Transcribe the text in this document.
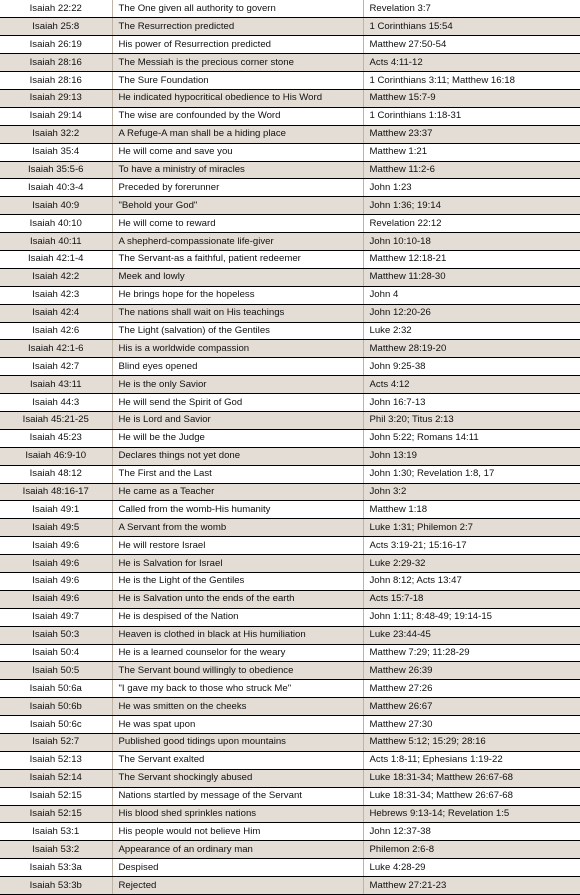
Isaiah 22:22	The One given all authority to govern	Revelation 3:7
Isaiah 25:8	The Resurrection predicted	1 Corinthians 15:54
Isaiah 26:19	His power of Resurrection predicted	Matthew 27:50-54
Isaiah 28:16	The Messiah is the precious corner stone	Acts 4:11-12
Isaiah 28:16	The Sure Foundation	1 Corinthians 3:11; Matthew 16:18
Isaiah 29:13	He indicated hypocritical obedience to His Word	Matthew 15:7-9
Isaiah 29:14	The wise are confounded by the Word	1 Corinthians 1:18-31
Isaiah 32:2	A Refuge-A man shall be a hiding place	Matthew 23:37
Isaiah 35:4	He will come and save you	Matthew 1:21
Isaiah 35:5-6	To have a ministry of miracles	Matthew 11:2-6
Isaiah 40:3-4	Preceded by forerunner	John 1:23
Isaiah 40:9	"Behold your God"	John 1:36; 19:14
Isaiah 40:10	He will come to reward	Revelation 22:12
Isaiah 40:11	A shepherd-compassionate life-giver	John 10:10-18
Isaiah 42:1-4	The Servant-as a faithful, patient redeemer	Matthew 12:18-21
Isaiah 42:2	Meek and lowly	Matthew 11:28-30
Isaiah 42:3	He brings hope for the hopeless	John 4
Isaiah 42:4	The nations shall wait on His teachings	John 12:20-26
Isaiah 42:6	The Light (salvation) of the Gentiles	Luke 2:32
Isaiah 42:1-6	His is a worldwide compassion	Matthew 28:19-20
Isaiah 42:7	Blind eyes opened	John 9:25-38
Isaiah 43:11	He is the only Savior	Acts 4:12
Isaiah 44:3	He will send the Spirit of God	John 16:7-13
Isaiah 45:21-25	He is Lord and Savior	Phil 3:20; Titus 2:13
Isaiah 45:23	He will be the Judge	John 5:22; Romans 14:11
Isaiah 46:9-10	Declares things not yet done	John 13:19
Isaiah 48:12	The First and the Last	John 1:30; Revelation 1:8, 17
Isaiah 48:16-17	He came as a Teacher	John 3:2
Isaiah 49:1	Called from the womb-His humanity	Matthew 1:18
Isaiah 49:5	A Servant from the womb	Luke 1:31; Philemon 2:7
Isaiah 49:6	He will restore Israel	Acts 3:19-21; 15:16-17
Isaiah 49:6	He is Salvation for Israel	Luke 2:29-32
Isaiah 49:6	He is the Light of the Gentiles	John 8:12; Acts 13:47
Isaiah 49:6	He is Salvation unto the ends of the earth	Acts 15:7-18
Isaiah 49:7	He is despised of the Nation	John 1:11; 8:48-49; 19:14-15
Isaiah 50:3	Heaven is clothed in black at His humiliation	Luke 23:44-45
Isaiah 50:4	He is a learned counselor for the weary	Matthew 7:29; 11:28-29
Isaiah 50:5	The Servant bound willingly to obedience	Matthew 26:39
Isaiah 50:6a	"I gave my back to those who struck Me"	Matthew 27:26
Isaiah 50:6b	He was smitten on the cheeks	Matthew 26:67
Isaiah 50:6c	He was spat upon	Matthew 27:30
Isaiah 52:7	Published good tidings upon mountains	Matthew 5:12; 15:29; 28:16
Isaiah 52:13	The Servant exalted	Acts 1:8-11; Ephesians 1:19-22
Isaiah 52:14	The Servant shockingly abused	Luke 18:31-34; Matthew 26:67-68
Isaiah 52:15	Nations startled by message of the Servant	Luke 18:31-34; Matthew 26:67-68
Isaiah 52:15	His blood shed sprinkles nations	Hebrews 9:13-14; Revelation 1:5
Isaiah 53:1	His people would not believe Him	John 12:37-38
Isaiah 53:2	Appearance of an ordinary man	Philemon 2:6-8
Isaiah 53:3a	Despised	Luke 4:28-29
Isaiah 53:3b	Rejected	Matthew 27:21-23
